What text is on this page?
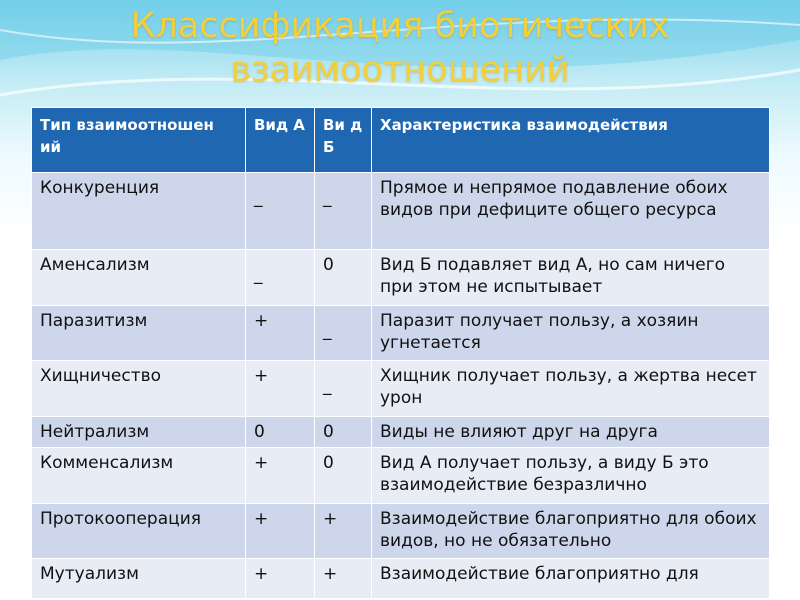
Классификация биотических
взаимоотношений
Тип взаимоотношен ий	Вид А	Ви д Б	Характеристика взаимодействия
Конкуренция	_	_	Прямое и непрямое подавление обоих видов при дефиците общего ресурса
Аменсализм	_	0	Вид Б подавляет вид А, но сам ничего при этом не испытывает
Паразитизм	+	_	Паразит получает пользу, а хозяин угнетается
Хищничество	+	_	Хищник получает пользу, а жертва несет урон
Нейтрализм	0	0	Виды не влияют друг на друга
Комменсализм	+	0	Вид А получает пользу, а виду Б это взаимодействие безразлично
Протокооперация	+	+	Взаимодействие благоприятно для обоих видов, но не обязательно
Мутуализм	+	+	Взаимодействие благоприятно для
